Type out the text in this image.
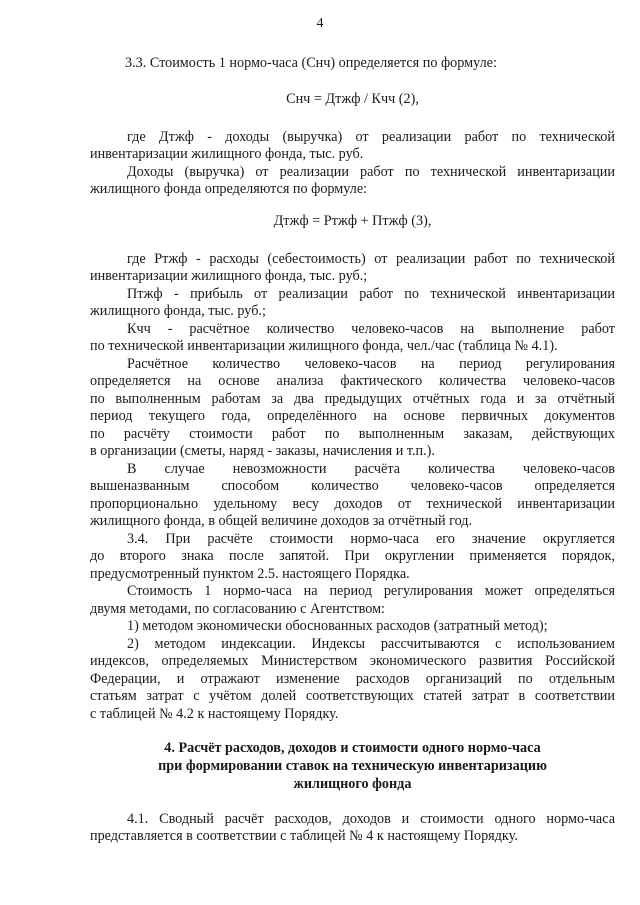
4
3.3. Стоимость 1 нормо-часа (Снч) определяется по формуле:
Снч = Дтжф / Кчч (2),
где Дтжф - доходы (выручка) от реализации работ по технической
инвентаризации жилищного фонда, тыс. руб.
Доходы (выручка) от реализации работ по технической инвентаризации
жилищного фонда определяются по формуле:
Дтжф = Ртжф + Птжф (3),
где Ртжф - расходы (себестоимость) от реализации работ по технической
инвентаризации жилищного фонда, тыс. руб.;
Птжф - прибыль от реализации работ по технической инвентаризации
жилищного фонда, тыс. руб.;
Кчч - расчётное количество человеко-часов на выполнение работ
по технической инвентаризации жилищного фонда, чел./час (таблица № 4.1).
Расчётное количество человеко-часов на период регулирования
определяется на основе анализа фактического количества человеко-часов
по выполненным работам за два предыдущих отчётных года и за отчётный
период текущего года, определённого на основе первичных документов
по расчёту стоимости работ по выполненным заказам, действующих
в организации (сметы, наряд - заказы, начисления и т.п.).
В случае невозможности расчёта количества человеко-часов
вышеназванным способом количество человеко-часов определяется
пропорционально удельному весу доходов от технической инвентаризации
жилищного фонда, в общей величине доходов за отчётный год.
3.4. При расчёте стоимости нормо-часа его значение округляется
до второго знака после запятой. При округлении применяется порядок,
предусмотренный пунктом 2.5. настоящего Порядка.
Стоимость 1 нормо-часа на период регулирования может определяться
двумя методами, по согласованию с Агентством:
1) методом экономически обоснованных расходов (затратный метод);
2) методом индексации. Индексы рассчитываются с использованием
индексов, определяемых Министерством экономического развития Российской
Федерации, и отражают изменение расходов организаций по отдельным
статьям затрат с учётом долей соответствующих статей затрат в соответствии
с таблицей № 4.2 к настоящему Порядку.
4. Расчёт расходов, доходов и стоимости одного нормо-часа
при формировании ставок на техническую инвентаризацию
жилищного фонда
4.1. Сводный расчёт расходов, доходов и стоимости одного нормо-часа
представляется в соответствии с таблицей № 4 к настоящему Порядку.
